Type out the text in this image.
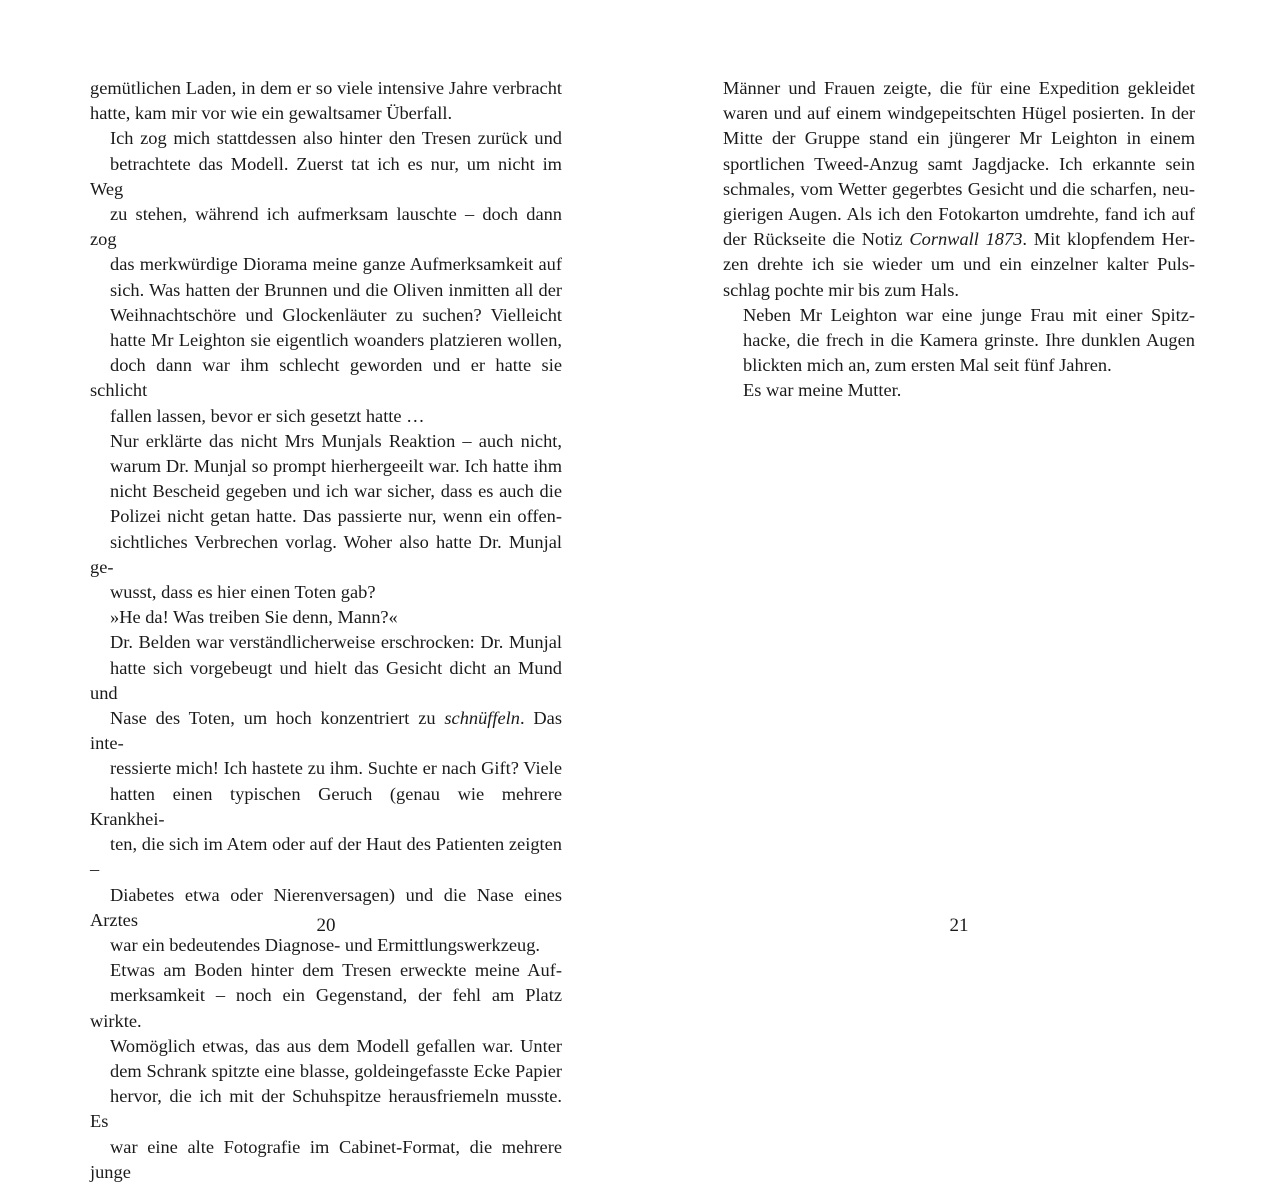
gemütlichen Laden, in dem er so viele intensive Jahre verbracht
hatte, kam mir vor wie ein gewaltsamer Überfall.

Ich zog mich stattdessen also hinter den Tresen zurück und
betrachtete das Modell. Zuerst tat ich es nur, um nicht im Weg
zu stehen, während ich aufmerksam lauschte – doch dann zog
das merkwürdige Diorama meine ganze Aufmerksamkeit auf
sich. Was hatten der Brunnen und die Oliven inmitten all der
Weihnachtschöre und Glockenläuter zu suchen? Vielleicht
hatte Mr Leighton sie eigentlich woanders platzieren wollen,
doch dann war ihm schlecht geworden und er hatte sie schlicht
fallen lassen, bevor er sich gesetzt hatte …

Nur erklärte das nicht Mrs Munjals Reaktion – auch nicht,
warum Dr. Munjal so prompt hierhergeeilt war. Ich hatte ihm
nicht Bescheid gegeben und ich war sicher, dass es auch die
Polizei nicht getan hatte. Das passierte nur, wenn ein offen-
sichtliches Verbrechen vorlag. Woher also hatte Dr. Munjal ge-
wusst, dass es hier einen Toten gab?

»He da! Was treiben Sie denn, Mann?«

Dr. Belden war verständlicherweise erschrocken: Dr. Munjal
hatte sich vorgebeugt und hielt das Gesicht dicht an Mund und
Nase des Toten, um hoch konzentriert zu schnüffeln. Das inte-
ressierte mich! Ich hastete zu ihm. Suchte er nach Gift? Viele
hatten einen typischen Geruch (genau wie mehrere Krankhei-
ten, die sich im Atem oder auf der Haut des Patienten zeigten –
Diabetes etwa oder Nierenversagen) und die Nase eines Arztes
war ein bedeutendes Diagnose- und Ermittlungswerkzeug.

Etwas am Boden hinter dem Tresen erweckte meine Auf-
merksamkeit – noch ein Gegenstand, der fehl am Platz wirkte.
Womöglich etwas, das aus dem Modell gefallen war. Unter
dem Schrank spitzte eine blasse, goldeingefasste Ecke Papier
hervor, die ich mit der Schuhspitze herausfriemeln musste. Es
war eine alte Fotografie im Cabinet-Format, die mehrere junge

Männer und Frauen zeigte, die für eine Expedition gekleidet
waren und auf einem windgepeitschten Hügel posierten. In der
Mitte der Gruppe stand ein jüngerer Mr Leighton in einem
sportlichen Tweed-Anzug samt Jagdjacke. Ich erkannte sein
schmales, vom Wetter gegerbtes Gesicht und die scharfen, neu-
gierigen Augen. Als ich den Fotokarton umdrehte, fand ich auf
der Rückseite die Notiz Cornwall 1873. Mit klopfendem Her-
zen drehte ich sie wieder um und ein einzelner kalter Puls-
schlag pochte mir bis zum Hals.

Neben Mr Leighton war eine junge Frau mit einer Spitz-
hacke, die frech in die Kamera grinste. Ihre dunklen Augen
blickten mich an, zum ersten Mal seit fünf Jahren.

Es war meine Mutter.

20	21
